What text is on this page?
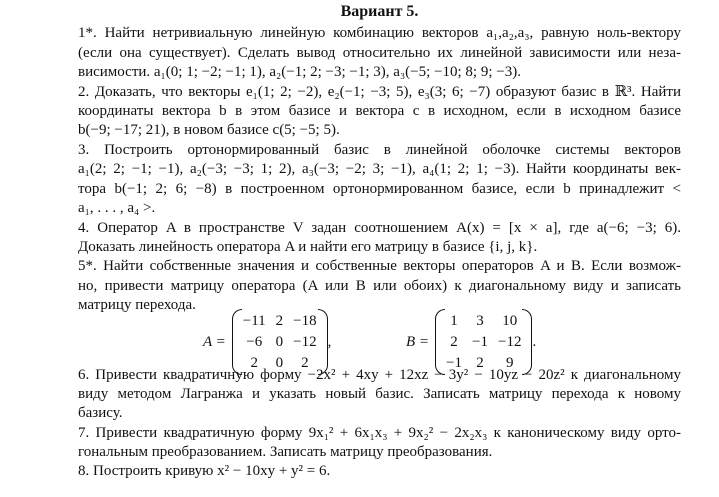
Вариант 5.
1*. Найти нетривиальную линейную комбинацию векторов a₁,a₂,a₃, равную ноль-вектору
(если она существует). Сделать вывод относительно их линейной зависимости или неза-
висимости. a₁(0; 1; −2; −1; 1), a₂(−1; 2; −3; −1; 3), a₃(−5; −10; 8; 9; −3).
2. Доказать, что векторы e₁(1; 2; −2), e₂(−1; −3; 5), e₃(3; 6; −7) образуют базис в ℝ³. Найти
координаты вектора b в этом базисе и вектора c в исходном, если в исходном базисе
b(−9; −17; 21), в новом базисе c(5; −5; 5).
3. Построить ортонормированный базис в линейной оболочке системы векторов
a₁(2; 2; −1; −1), a₂(−3; −3; 1; 2), a₃(−3; −2; 3; −1), a₄(1; 2; 1; −3). Найти координаты век-
тора b(−1; 2; 6; −8) в построенном ортонормированном базисе, если b принадлежит <
a₁, . . . , a₄ >.
4. Оператор A в пространстве V задан соотношением A(x) = [x × a], где a(−6; −3; 6).
Доказать линейность оператора A и найти его матрицу в базисе {i, j, k}.
5*. Найти собственные значения и собственные векторы операторов A и B. Если возмож-
но, привести матрицу оператора (A или B или обоих) к диагональному виду и записать
матрицу перехода.
6. Привести квадратичную форму −2x² + 4xy + 12xz − 3y² − 10yz − 20z² к диагональному
виду методом Лагранжа и указать новый базис. Записать матрицу перехода к новому
базису.
7. Привести квадратичную форму 9x₁² + 6x₁x₃ + 9x₂² − 2x₂x₃ к каноническому виду орто-
гональным преобразованием. Записать матрицу преобразования.
8. Построить кривую x² − 10xy + y² = 6.
A =
−11 2 −18
−6 0 −12
2	0	2
,	B =
1 3 10
2 −1 −12
−1 2	9
.
